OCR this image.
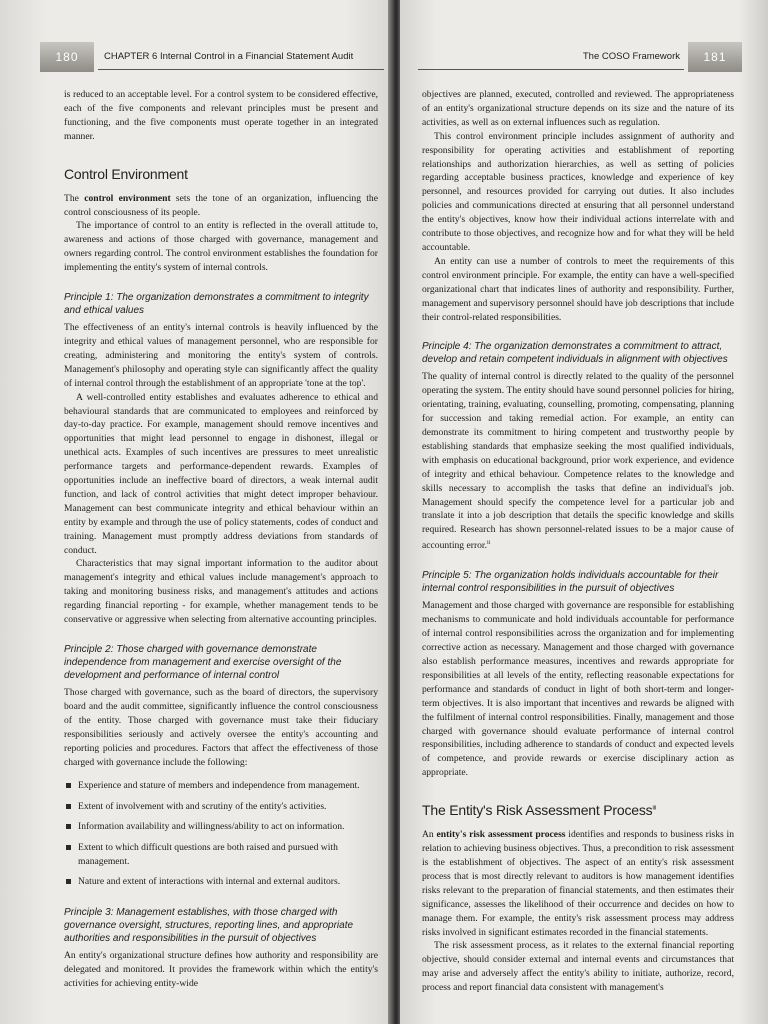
180	CHAPTER 6 Internal Control in a Financial Statement Audit

is reduced to an acceptable level. For a control system to be considered effective, each of the five components and relevant principles must be present and functioning, and the five components must operate together in an integrated manner.

Control Environment

The control environment sets the tone of an organization, influencing the control consciousness of its people.

The importance of control to an entity is reflected in the overall attitude to, awareness and actions of those charged with governance, management and owners regarding control. The control environment establishes the foundation for implementing the entity's system of internal controls.

Principle 1: The organization demonstrates a commitment to integrity and ethical values

The effectiveness of an entity's internal controls is heavily influenced by the integrity and ethical values of management personnel, who are responsible for creating, administering and monitoring the entity's system of controls. Management's philosophy and operating style can significantly affect the quality of internal control through the establishment of an appropriate 'tone at the top'.

A well-controlled entity establishes and evaluates adherence to ethical and behavioural standards that are communicated to employees and reinforced by day-to-day practice. For example, management should remove incentives and opportunities that might lead personnel to engage in dishonest, illegal or unethical acts. Examples of such incentives are pressures to meet unrealistic performance targets and performance-dependent rewards. Examples of opportunities include an ineffective board of directors, a weak internal audit function, and lack of control activities that might detect improper behaviour. Management can best communicate integrity and ethical behaviour within an entity by example and through the use of policy statements, codes of conduct and training. Management must promptly address deviations from standards of conduct.

Characteristics that may signal important information to the auditor about management's integrity and ethical values include management's approach to taking and monitoring business risks, and management's attitudes and actions regarding financial reporting - for example, whether management tends to be conservative or aggressive when selecting from alternative accounting principles.

Principle 2: Those charged with governance demonstrate independence from management and exercise oversight of the development and performance of internal control

Those charged with governance, such as the board of directors, the supervisory board and the audit committee, significantly influence the control consciousness of the entity. Those charged with governance must take their fiduciary responsibilities seriously and actively oversee the entity's accounting and reporting policies and procedures. Factors that affect the effectiveness of those charged with governance include the following:

Experience and stature of members and independence from management.
Extent of involvement with and scrutiny of the entity's activities.
Information availability and willingness/ability to act on information.
Extent to which difficult questions are both raised and pursued with management.
Nature and extent of interactions with internal and external auditors.
Principle 3: Management establishes, with those charged with governance oversight, structures, reporting lines, and appropriate authorities and responsibilities in the pursuit of objectives

An entity's organizational structure defines how authority and responsibility are delegated and monitored. It provides the framework within which the entity's activities for achieving entity-wide

The COSO Framework	181

objectives are planned, executed, controlled and reviewed. The appropriateness of an entity's organizational structure depends on its size and the nature of its activities, as well as on external influences such as regulation.

This control environment principle includes assignment of authority and responsibility for operating activities and establishment of reporting relationships and authorization hierarchies, as well as setting of policies regarding acceptable business practices, knowledge and experience of key personnel, and resources provided for carrying out duties. It also includes policies and communications directed at ensuring that all personnel understand the entity's objectives, know how their individual actions interrelate with and contribute to those objectives, and recognize how and for what they will be held accountable.

An entity can use a number of controls to meet the requirements of this control environment principle. For example, the entity can have a well-specified organizational chart that indicates lines of authority and responsibility. Further, management and supervisory personnel should have job descriptions that include their control-related responsibilities.

Principle 4: The organization demonstrates a commitment to attract, develop and retain competent individuals in alignment with objectives

The quality of internal control is directly related to the quality of the personnel operating the system. The entity should have sound personnel policies for hiring, orientating, training, evaluating, counselling, promoting, compensating, planning for succession and taking remedial action. For example, an entity can demonstrate its commitment to hiring competent and trustworthy people by establishing standards that emphasize seeking the most qualified individuals, with emphasis on educational background, prior work experience, and evidence of integrity and ethical behaviour. Competence relates to the knowledge and skills necessary to accomplish the tasks that define an individual's job. Management should specify the competence level for a particular job and translate it into a job description that details the specific knowledge and skills required. Research has shown personnel-related issues to be a major cause of accounting error.$^{ii}$

Principle 5: The organization holds individuals accountable for their internal control responsibilities in the pursuit of objectives

Management and those charged with governance are responsible for establishing mechanisms to communicate and hold individuals accountable for performance of internal control responsibilities across the organization and for implementing corrective action as necessary. Management and those charged with governance also establish performance measures, incentives and rewards appropriate for responsibilities at all levels of the entity, reflecting reasonable expectations for performance and standards of conduct in light of both short-term and longer-term objectives. It is also important that incentives and rewards be aligned with the fulfilment of internal control responsibilities. Finally, management and those charged with governance should evaluate performance of internal control responsibilities, including adherence to standards of conduct and expected levels of competence, and provide rewards or exercise disciplinary action as appropriate.

The Entity's Risk Assessment Process$^{iii}$

An entity's risk assessment process identifies and responds to business risks in relation to achieving business objectives. Thus, a precondition to risk assessment is the establishment of objectives. The aspect of an entity's risk assessment process that is most directly relevant to auditors is how management identifies risks relevant to the preparation of financial statements, and then estimates their significance, assesses the likelihood of their occurrence and decides on how to manage them. For example, the entity's risk assessment process may address risks involved in significant estimates recorded in the financial statements.

The risk assessment process, as it relates to the external financial reporting objective, should consider external and internal events and circumstances that may arise and adversely affect the entity's ability to initiate, authorize, record, process and report financial data consistent with management's
